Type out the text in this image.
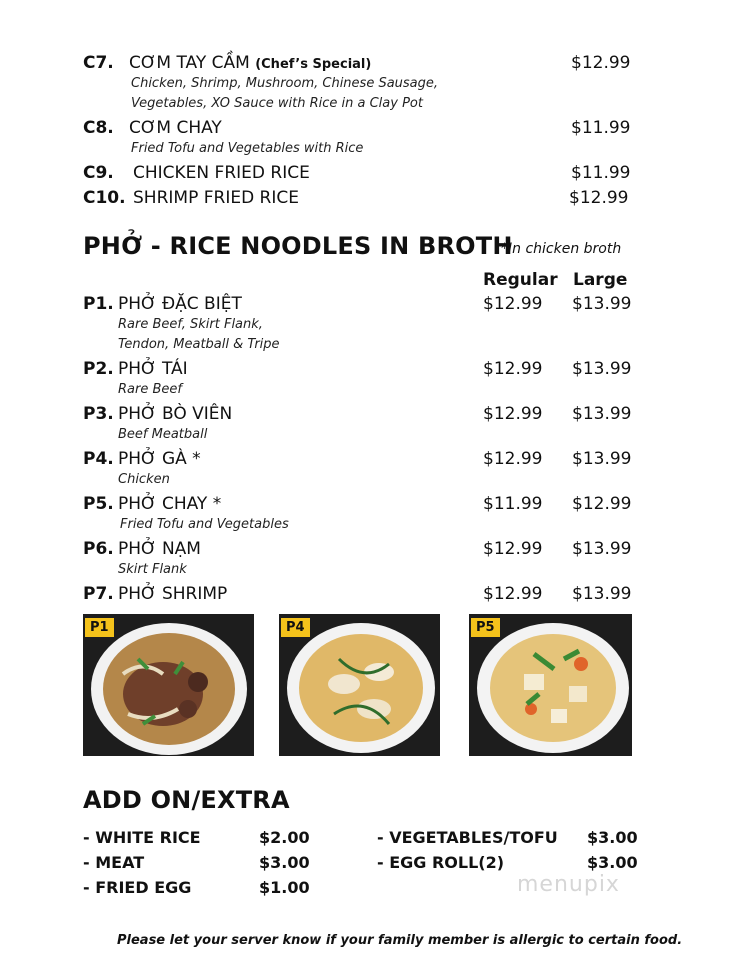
C7. CƠM TAY CẦM (Chef’s Special)	$12.99
Chicken, Shrimp, Mushroom, Chinese Sausage,
Vegetables, XO Sauce with Rice in a Clay Pot
C8. CƠM CHAY	$11.99
Fried Tofu and Vegetables with Rice
C9. CHICKEN FRIED RICE	$11.99
C10. SHRIMP FRIED RICE	$12.99
PHỞ - RICE NOODLES IN BROTH
*In chicken broth
Regular Large
P1. PHỞ ĐẶC BIỆT	$12.99 $13.99
Rare Beef, Skirt Flank,
Tendon, Meatball & Tripe
P2. PHỞ TÁI	$12.99 $13.99
Rare Beef
P3. PHỞ BÒ VIÊN	$12.99 $13.99
Beef Meatball
P4. PHỞ GÀ *	$12.99 $13.99
Chicken
P5. PHỞ CHAY *	$11.99 $12.99
Fried Tofu and Vegetables
P6. PHỞ NẠM	$12.99 $13.99
Skirt Flank
P7. PHỞ SHRIMP	$12.99 $13.99
P1	P4	P5
ADD ON/EXTRA
- WHITE RICE	$2.00
- MEAT	$3.00
- FRIED EGG	$1.00
- VEGETABLES/TOFU $3.00
- EGG ROLL(2)	$3.00
menupix
Please let your server know if your family member is allergic to certain food.
